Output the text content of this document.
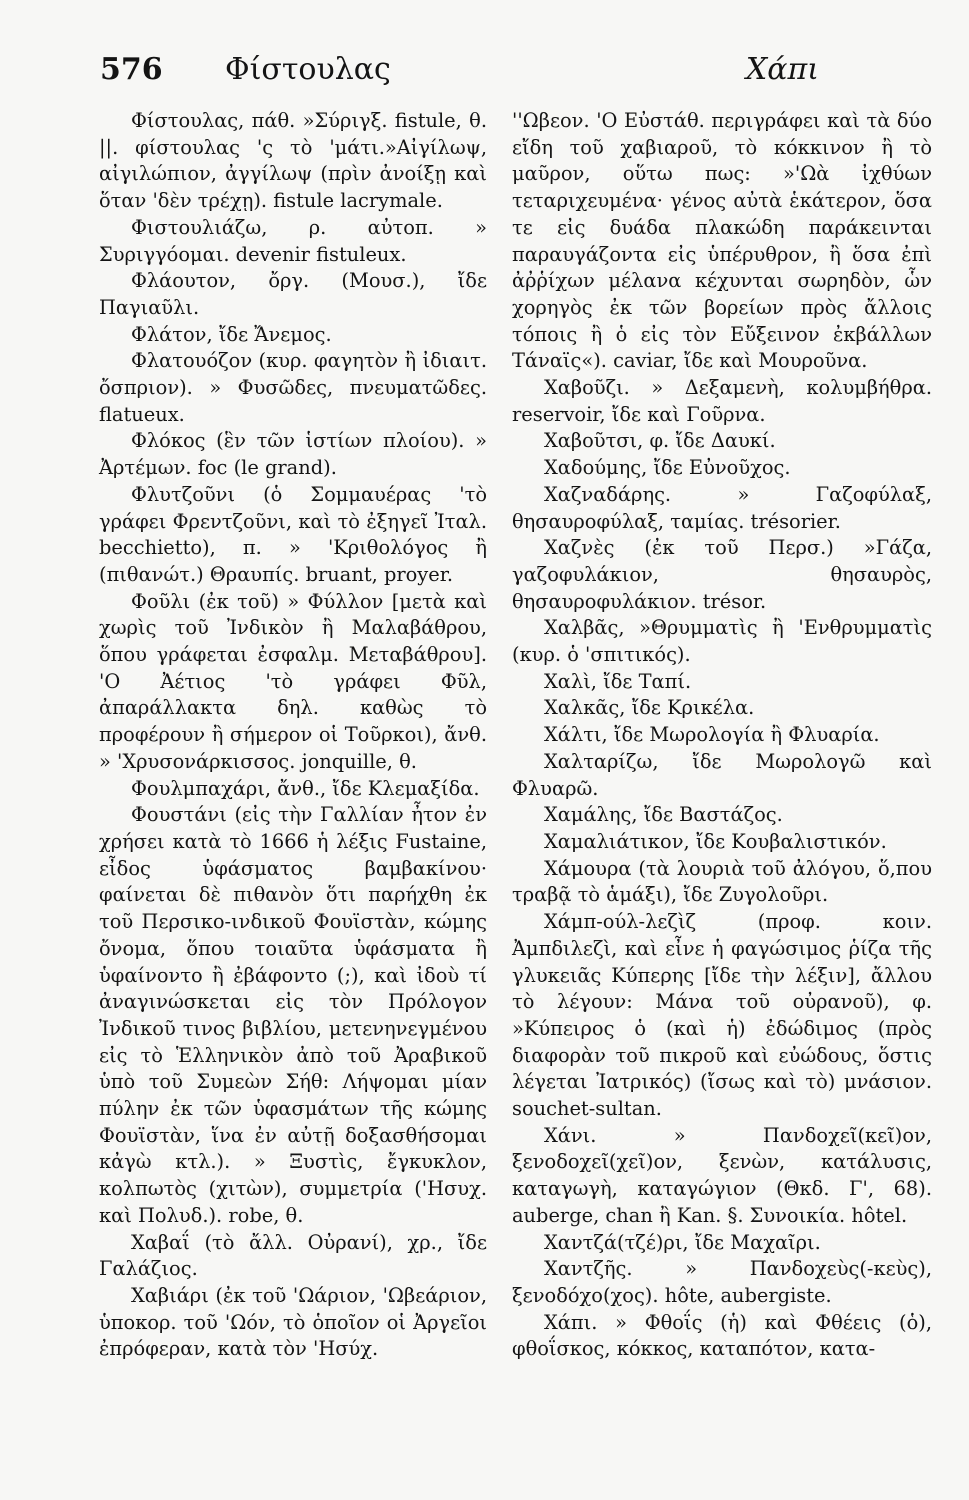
576 Φίστουλας	Χάπι

Φίστουλας, πάθ. »Σύριγξ. fistule, θ. ||. φίστουλας 'ς τὸ 'μάτι.»Αἰγίλωψ, αἰγιλώπιον, ἀγγίλωψ (πρὶν ἀνοίξῃ καὶ ὅταν 'δὲν τρέχῃ). fistule lacrymale.

Φιστουλιάζω, ρ. αὐτοπ. » Συριγγόομαι. devenir fistuleux.

Φλάουτον, ὄργ. (Μουσ.), ἴδε Παγιαῦλι.

Φλάτον, ἴδε Ἄνεμος.

Φλατουόζον (κυρ. φαγητὸν ἢ ἰδιαιτ. ὄσπριον). » Φυσῶδες, πνευματῶδες. flatueux.

Φλόκος (ἓν τῶν ἱστίων πλοίου). » Ἀρτέμων. foc (le grand).

Φλυτζοῦνι (ὁ Σομμαυέρας 'τὸ γράφει Φρεντζοῦνι, καὶ τὸ ἐξηγεῖ Ἰταλ. becchietto), π. » 'Κριθολόγος ἢ (πιθανώτ.) Θραυπίς. bruant, proyer.

Φοῦλι (ἐκ τοῦ) » Φύλλον [μετὰ καὶ χωρὶς τοῦ Ἰνδικὸν ἢ Μαλαβάθρου, ὅπου γράφεται ἐσφαλμ. Μεταβάθρου]. 'Ο Ἀέτιος 'τὸ γράφει Φῦλ, ἀπαράλλακτα δηλ. καθὼς τὸ προφέρουν ἢ σήμερον οἱ Τοῦρκοι), ἄνθ. » 'Χρυσονάρκισσος. jonquille, θ.

Φουλμπαχάρι, ἄνθ., ἴδε Κλεμαξίδα.

Φουστάνι (εἰς τὴν Γαλλίαν ἦτον ἐν χρήσει κατὰ τὸ 1666 ἡ λέξις Fustaine, εἶδος ὑφάσματος βαμβακίνου· φαίνεται δὲ πιθανὸν ὅτι παρήχθη ἐκ τοῦ Περσικο-ινδικοῦ Φουϊστὰν, κώμης ὄνομα, ὅπου τοιαῦτα ὑφάσματα ἢ ὑφαίνοντο ἢ ἐβάφοντο (;), καὶ ἰδοὺ τί ἀναγινώσκεται εἰς τὸν Πρόλογον Ἰνδικοῦ τινος βιβλίου, μετενηνεγμένου εἰς τὸ Ἑλληνικὸν ἀπὸ τοῦ Ἀραβικοῦ ὑπὸ τοῦ Συμεὼν Σήθ: Λήψομαι μίαν πύλην ἐκ τῶν ὑφασμάτων τῆς κώμης Φουϊστὰν, ἵνα ἐν αὐτῇ δοξασθήσομαι κἀγὼ κτλ.). » Ξυστὶς, ἔγκυκλον, κολπωτὸς (χιτὼν), συμμετρία ('Ησυχ. καὶ Πολυδ.). robe, θ.

Χαβαΐ (τὸ ἄλλ. Οὐρανί), χρ., ἴδε Γαλάζιος.

Χαβιάρι (ἐκ τοῦ 'Ωάριον, 'Ωβεάριον, ὑποκορ. τοῦ 'Ωόν, τὸ ὁποῖον οἱ Ἀργεῖοι ἐπρόφεραν, κατὰ τὸν 'Ησύχ.

''Ωβεον. 'Ο Εὐστάθ. περιγράφει καὶ τὰ δύο εἴδη τοῦ χαβιαροῦ, τὸ κόκκινον ἢ τὸ μαῦρον, οὕτω πως: »'Ωὰ ἰχθύων τεταριχευμένα· γένος αὐτὰ ἑκάτερον, ὅσα τε εἰς δυάδα πλακώδη παράκεινται παραυγάζοντα εἰς ὑπέρυθρον, ἢ ὅσα ἐπὶ ἀῤῥίχων μέλανα κέχυνται σωρηδὸν, ὧν χορηγὸς ἐκ τῶν βορείων πρὸς ἄλλοις τόποις ἢ ὁ εἰς τὸν Εὔξεινον ἐκβάλλων Τάναϊς«). caviar, ἴδε καὶ Μουροῦνα.

Χαβοῦζι. » Δεξαμενὴ, κολυμβήθρα. reservoir, ἴδε καὶ Γοῦρνα.

Χαβοῦτσι, φ. ἴδε Δαυκί.

Χαδούμης, ἴδε Εὐνοῦχος.

Χαζναδάρης. » Γαζοφύλαξ, θησαυροφύλαξ, ταμίας. trésorier.

Χαζνὲς (ἐκ τοῦ Περσ.) »Γάζα, γαζοφυλάκιον, θησαυρὸς, θησαυροφυλάκιον. trésor.

Χαλβᾶς, »Θρυμματὶς ἢ 'Ενθρυμματὶς (κυρ. ὁ 'σπιτικός).

Χαλὶ, ἴδε Ταπί.

Χαλκᾶς, ἴδε Κρικέλα.

Χάλτι, ἴδε Μωρολογία ἢ Φλυαρία.

Χαλταρίζω, ἴδε Μωρολογῶ καὶ Φλυαρῶ.

Χαμάλης, ἴδε Βαστάζος.

Χαμαλιάτικον, ἴδε Κουβαλιστικόν.

Χάμουρα (τὰ λουριὰ τοῦ ἀλόγου, ὅ,που τραβᾷ τὸ ἁμάξι), ἴδε Ζυγολοῦρι.

Χάμπ-ούλ-λεζὶζ (προφ. κοιν. Ἀμπδιλεζὶ, καὶ εἶνε ἡ φαγώσιμος ῥίζα τῆς γλυκειᾶς Κύπερης [ἴδε τὴν λέξιν], ἄλλου τὸ λέγουν: Μάνα τοῦ οὐρανοῦ), φ. »Κύπειρος ὁ (καὶ ἡ) ἐδώδιμος (πρὸς διαφορὰν τοῦ πικροῦ καὶ εὐώδους, ὅστις λέγεται Ἰατρικός) (ἴσως καὶ τὸ) μνάσιον. souchet-sultan.

Χάνι. » Πανδοχεῖ(κεῖ)ον, ξενοδοχεῖ(χεῖ)ον, ξενὼν, κατάλυσις, καταγωγὴ, καταγώγιον (Θκδ. Γ', 68). auberge, chan ἢ Kan. §. Συνοικία. hôtel.

Χαντζά(τζέ)ρι, ἴδε Μαχαῖρι.

Χαντζῆς. » Πανδοχεὺς(-κεὺς), ξενοδόχο(χος). hôte, aubergiste.

Χάπι. » Φθοΐς (ἡ) καὶ Φθέεις (ὁ), φθοΐσκος, κόκκος, καταπότον, κατα-
